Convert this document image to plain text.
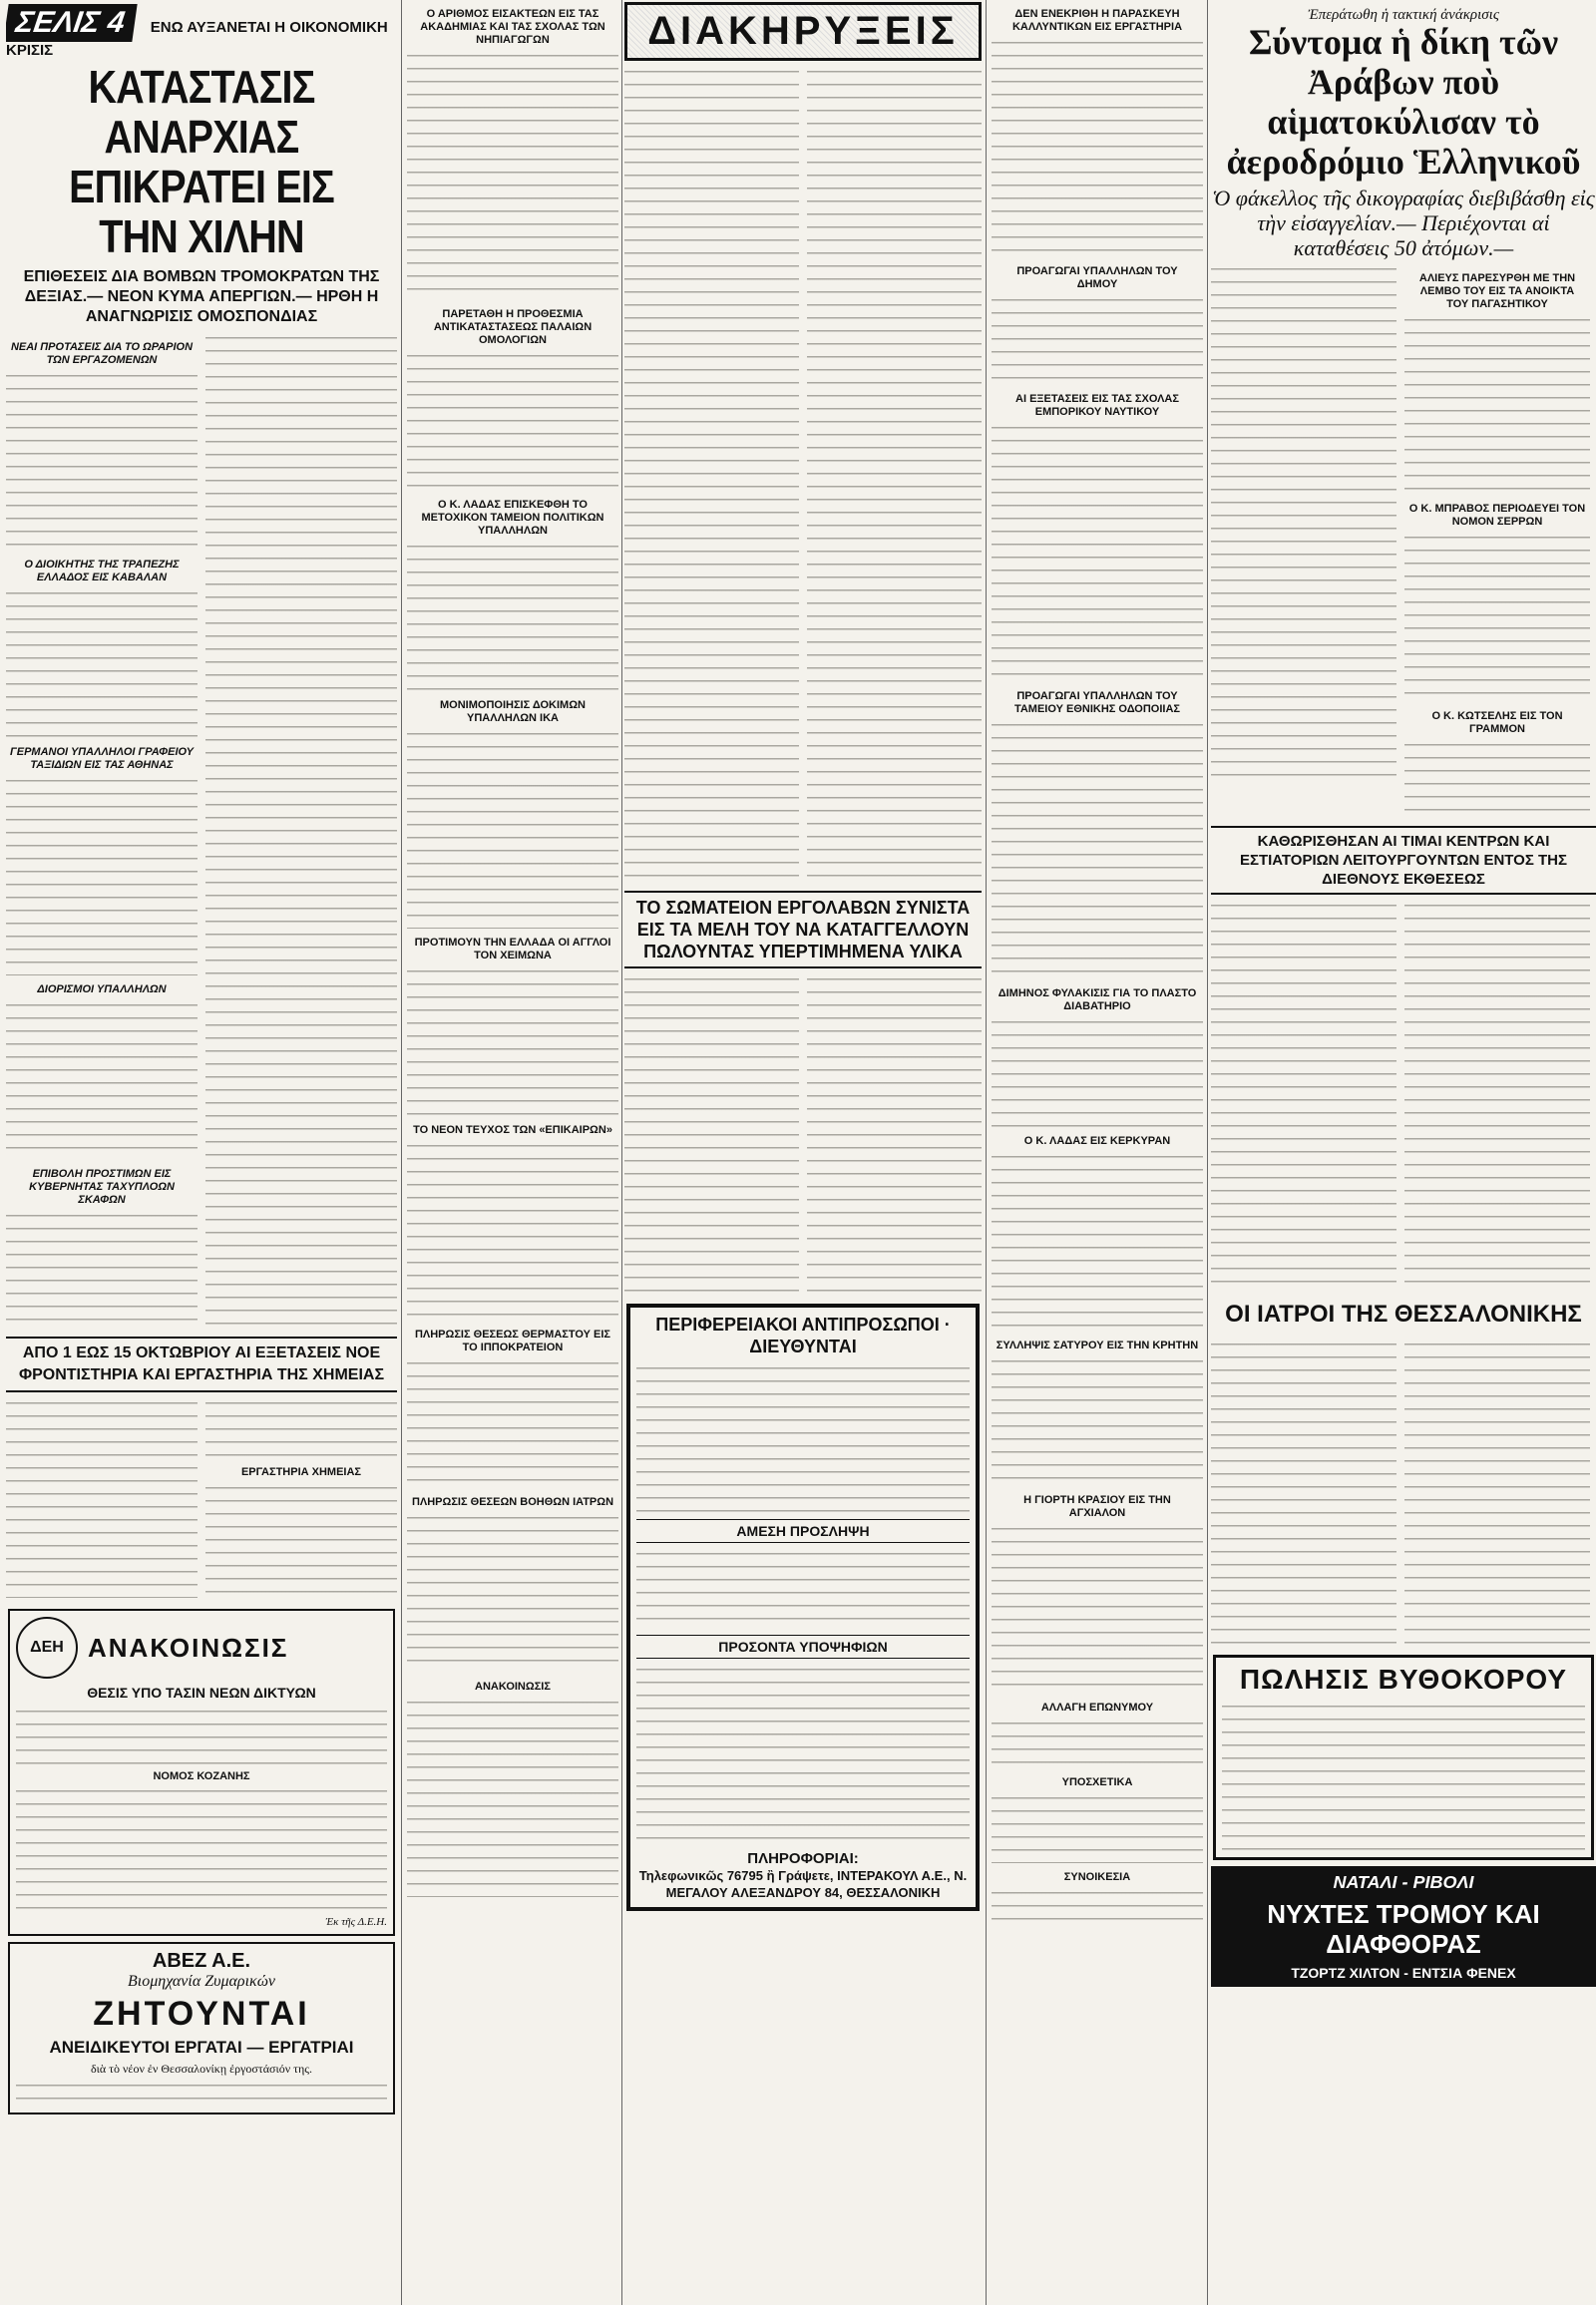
ΣΕΛΙΣ 4 ΕΝΩ ΑΥΞΑΝΕΤΑΙ Η ΟΙΚΟΝΟΜΙΚΗ ΚΡΙΣΙΣ
ΚΑΤΑΣΤΑΣΙΣ ΑΝΑΡΧΙΑΣ ΕΠΙΚΡΑΤΕΙ ΕΙΣ ΤΗΝ ΧΙΛΗΝ
ΕΠΙΘΕΣΕΙΣ ΔΙΑ ΒΟΜΒΩΝ ΤΡΟΜΟΚΡΑΤΩΝ ΤΗΣ ΔΕΞΙΑΣ.— ΝΕΟΝ ΚΥΜΑ ΑΠΕΡΓΙΩΝ.— ΗΡΘΗ Η ΑΝΑΓΝΩΡΙΣΙΣ ΟΜΟΣΠΟΝΔΙΑΣ
ΝΕΑΙ ΠΡΟΤΑΣΕΙΣ ΔΙΑ ΤΟ ΩΡΑΡΙΟΝ ΤΩΝ ΕΡΓΑΖΟΜΕΝΩΝ
Ο ΔΙΟΙΚΗΤΗΣ ΤΗΣ ΤΡΑΠΕΖΗΣ ΕΛΛΑΔΟΣ ΕΙΣ ΚΑΒΑΛΑΝ
ΓΕΡΜΑΝΟΙ ΥΠΑΛΛΗΛΟΙ ΓΡΑΦΕΙΟΥ ΤΑΞΙΔΙΩΝ ΕΙΣ ΤΑΣ ΑΘΗΝΑΣ
ΔΙΟΡΙΣΜΟΙ ΥΠΑΛΛΗΛΩΝ
ΕΠΙΒΟΛΗ ΠΡΟΣΤΙΜΩΝ ΕΙΣ ΚΥΒΕΡΝΗΤΑΣ ΤΑΧΥΠΛΟΩΝ ΣΚΑΦΩΝ
ΑΠΟ 1 ΕΩΣ 15 ΟΚΤΩΒΡΙΟΥ ΑΙ ΕΞΕΤΑΣΕΙΣ ΝΟΕ ΦΡΟΝΤΙΣΤΗΡΙΑ ΚΑΙ ΕΡΓΑΣΤΗΡΙΑ ΤΗΣ ΧΗΜΕΙΑΣ
ΕΡΓΑΣΤΗΡΙΑ ΧΗΜΕΙΑΣ
ΔΕΗ ΑΝΑΚΟΙΝΩΣΙΣ
ΘΕΣΙΣ ΥΠΟ ΤΑΣΙΝ ΝΕΩΝ ΔΙΚΤΥΩΝ
ΝΟΜΟΣ ΚΟΖΑΝΗΣ
Ἐκ τῆς Δ.Ε.Η.
ΑΒΕΖ Α.Ε.
Βιομηχανία Ζυμαρικών
ΖΗΤΟΥΝΤΑΙ
ΑΝΕΙΔΙΚΕΥΤΟΙ ΕΡΓΑΤΑΙ — ΕΡΓΑΤΡΙΑΙ
διὰ τὸ νέον ἐν Θεσσαλονίκῃ ἐργοστάσιόν της.
Ο ΑΡΙΘΜΟΣ ΕΙΣΑΚΤΕΩΝ ΕΙΣ ΤΑΣ ΑΚΑΔΗΜΙΑΣ ΚΑΙ ΤΑΣ ΣΧΟΛΑΣ ΤΩΝ ΝΗΠΙΑΓΩΓΩΝ
ΠΑΡΕΤΑΘΗ Η ΠΡΟΘΕΣΜΙΑ ΑΝΤΙΚΑΤΑΣΤΑΣΕΩΣ ΠΑΛΑΙΩΝ ΟΜΟΛΟΓΙΩΝ
Ο Κ. ΛΑΔΑΣ ΕΠΙΣΚΕΦΘΗ ΤΟ ΜΕΤΟΧΙΚΟΝ ΤΑΜΕΙΟΝ ΠΟΛΙΤΙΚΩΝ ΥΠΑΛΛΗΛΩΝ
ΜΟΝΙΜΟΠΟΙΗΣΙΣ ΔΟΚΙΜΩΝ ΥΠΑΛΛΗΛΩΝ ΙΚΑ
ΠΡΟΤΙΜΟΥΝ ΤΗΝ ΕΛΛΑΔΑ ΟΙ ΑΓΓΛΟΙ ΤΟΝ ΧΕΙΜΩΝΑ
ΤΟ ΝΕΟΝ ΤΕΥΧΟΣ ΤΩΝ «ΕΠΙΚΑΙΡΩΝ»
ΠΛΗΡΩΣΙΣ ΘΕΣΕΩΣ ΘΕΡΜΑΣΤΟΥ ΕΙΣ ΤΟ ΙΠΠΟΚΡΑΤΕΙΟΝ
ΠΛΗΡΩΣΙΣ ΘΕΣΕΩΝ ΒΟΗΘΩΝ ΙΑΤΡΩΝ
ΑΝΑΚΟΙΝΩΣΙΣ
ΔΙΑΚΗΡΥΞΕΙΣ
ΤΟ ΣΩΜΑΤΕΙΟΝ ΕΡΓΟΛΑΒΩΝ ΣΥΝΙΣΤΑ ΕΙΣ ΤΑ ΜΕΛΗ ΤΟΥ ΝΑ ΚΑΤΑΓΓΕΛΛΟΥΝ ΠΩΛΟΥΝΤΑΣ ΥΠΕΡΤΙΜΗΜΕΝΑ ΥΛΙΚΑ
ΠΕΡΙΦΕΡΕΙΑΚΟΙ ΑΝΤΙΠΡΟΣΩΠΟΙ · ΔΙΕΥΘΥΝΤΑΙ
ΑΜΕΣΗ ΠΡΟΣΛΗΨΗ
ΠΡΟΣΟΝΤΑ ΥΠΟΨΗΦΙΩΝ
ΠΛΗΡΟΦΟΡΙΑΙ:
Τηλεφωνικῶς 76795 ἢ Γράψετε, ΙΝΤΕΡΑΚΟΥΛ Α.Ε., Ν. ΜΕΓΑΛΟΥ ΑΛΕΞΑΝΔΡΟΥ 84, ΘΕΣΣΑΛΟΝΙΚΗ
ΔΕΝ ΕΝΕΚΡΙΘΗ Η ΠΑΡΑΣΚΕΥΗ ΚΑΛΛΥΝΤΙΚΩΝ ΕΙΣ ΕΡΓΑΣΤΗΡΙΑ
ΠΡΟΑΓΩΓΑΙ ΥΠΑΛΛΗΛΩΝ ΤΟΥ ΔΗΜΟΥ
ΑΙ ΕΞΕΤΑΣΕΙΣ ΕΙΣ ΤΑΣ ΣΧΟΛΑΣ ΕΜΠΟΡΙΚΟΥ ΝΑΥΤΙΚΟΥ
ΠΡΟΑΓΩΓΑΙ ΥΠΑΛΛΗΛΩΝ ΤΟΥ ΤΑΜΕΙΟΥ ΕΘΝΙΚΗΣ ΟΔΟΠΟΙΙΑΣ
ΔΙΜΗΝΟΣ ΦΥΛΑΚΙΣΙΣ ΓΙΑ ΤΟ ΠΛΑΣΤΟ ΔΙΑΒΑΤΗΡΙΟ
Ο Κ. ΛΑΔΑΣ ΕΙΣ ΚΕΡΚΥΡΑΝ
ΣΥΛΛΗΨΙΣ ΣΑΤΥΡΟΥ ΕΙΣ ΤΗΝ ΚΡΗΤΗΝ
Η ΓΙΟΡΤΗ ΚΡΑΣΙΟΥ ΕΙΣ ΤΗΝ ΑΓΧΙΑΛΟΝ
ΑΛΛΑΓΗ ΕΠΩΝΥΜΟΥ
ΥΠΟΣΧΕΤΙΚΑ
ΣΥΝΟΙΚΕΣΙΑ
Ἐπεράτωθη ἡ τακτική ἀνάκρισις
Σύντομα ἡ δίκη τῶν Ἀράβων ποὺ αἱματοκύλισαν τὸ ἀεροδρόμιο Ἑλληνικοῦ
Ὁ φάκελλος τῆς δικογραφίας διεβιβάσθη εἰς τὴν εἰσαγγελίαν.— Περιέχονται αἱ καταθέσεις 50 ἀτόμων.—
ΑΛΙΕΥΣ ΠΑΡΕΣΥΡΘΗ ΜΕ ΤΗΝ ΛΕΜΒΟ ΤΟΥ ΕΙΣ ΤΑ ΑΝΟΙΚΤΑ ΤΟΥ ΠΑΓΑΣΗΤΙΚΟΥ
Ο Κ. ΜΠΡΑΒΟΣ ΠΕΡΙΟΔΕΥΕΙ ΤΟΝ ΝΟΜΟΝ ΣΕΡΡΩΝ
Ο Κ. ΚΩΤΣΕΛΗΣ ΕΙΣ ΤΟΝ ΓΡΑΜΜΟΝ
ΚΑΘΩΡΙΣΘΗΣΑΝ ΑΙ ΤΙΜΑΙ ΚΕΝΤΡΩΝ ΚΑΙ ΕΣΤΙΑΤΟΡΙΩΝ ΛΕΙΤΟΥΡΓΟΥΝΤΩΝ ΕΝΤΟΣ ΤΗΣ ΔΙΕΘΝΟΥΣ ΕΚΘΕΣΕΩΣ
ΟΙ ΙΑΤΡΟΙ ΤΗΣ ΘΕΣΣΑΛΟΝΙΚΗΣ
ΠΩΛΗΣΙΣ ΒΥΘΟΚΟΡΟΥ
ΝΑΤΑΛΙ - ΡΙΒΟΛΙ
ΝΥΧΤΕΣ ΤΡΟΜΟΥ ΚΑΙ ΔΙΑΦΘΟΡΑΣ
ΤΖΟΡΤΖ ΧΙΛΤΟΝ - ΕΝΤΣΙΑ ΦΕΝΕΧ
